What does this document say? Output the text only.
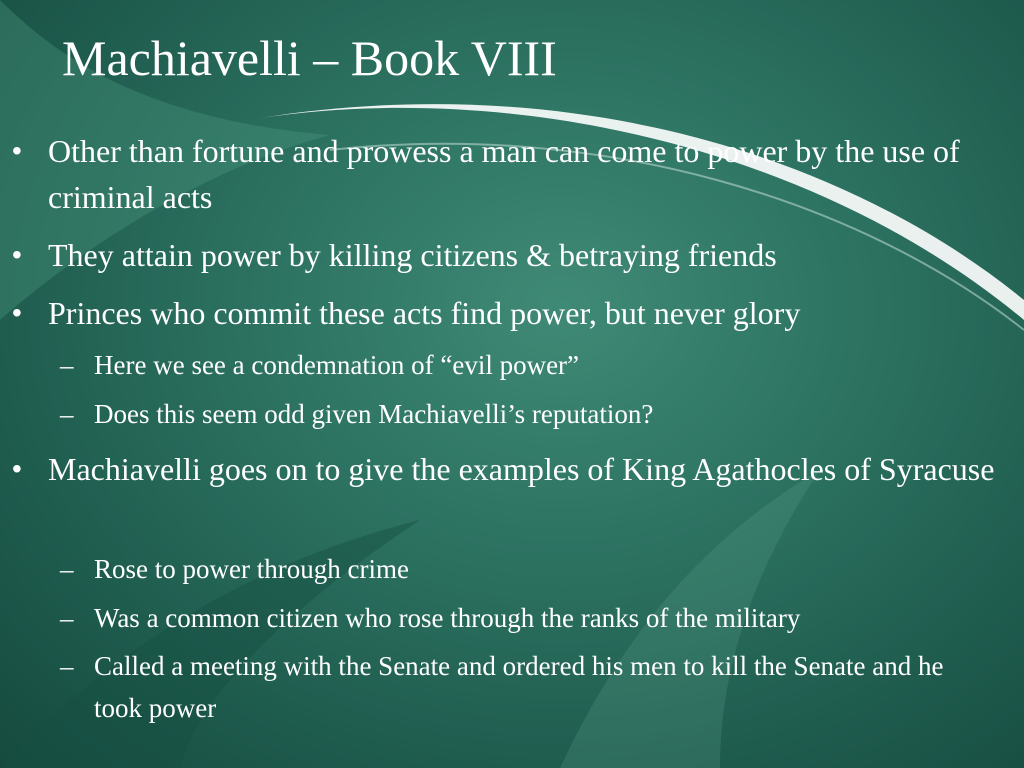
Machiavelli – Book VIII
• Other than fortune and prowess a man can come to power by the use of criminal acts
• They attain power by killing citizens & betraying friends
• Princes who commit these acts find power, but never glory
– Here we see a condemnation of “evil power”
– Does this seem odd given Machiavelli’s reputation?
• Machiavelli goes on to give the examples of King Agathocles of Syracuse
– Rose to power through crime
– Was a common citizen who rose through the ranks of the military
– Called a meeting with the Senate and ordered his men to kill the Senate and he took power
